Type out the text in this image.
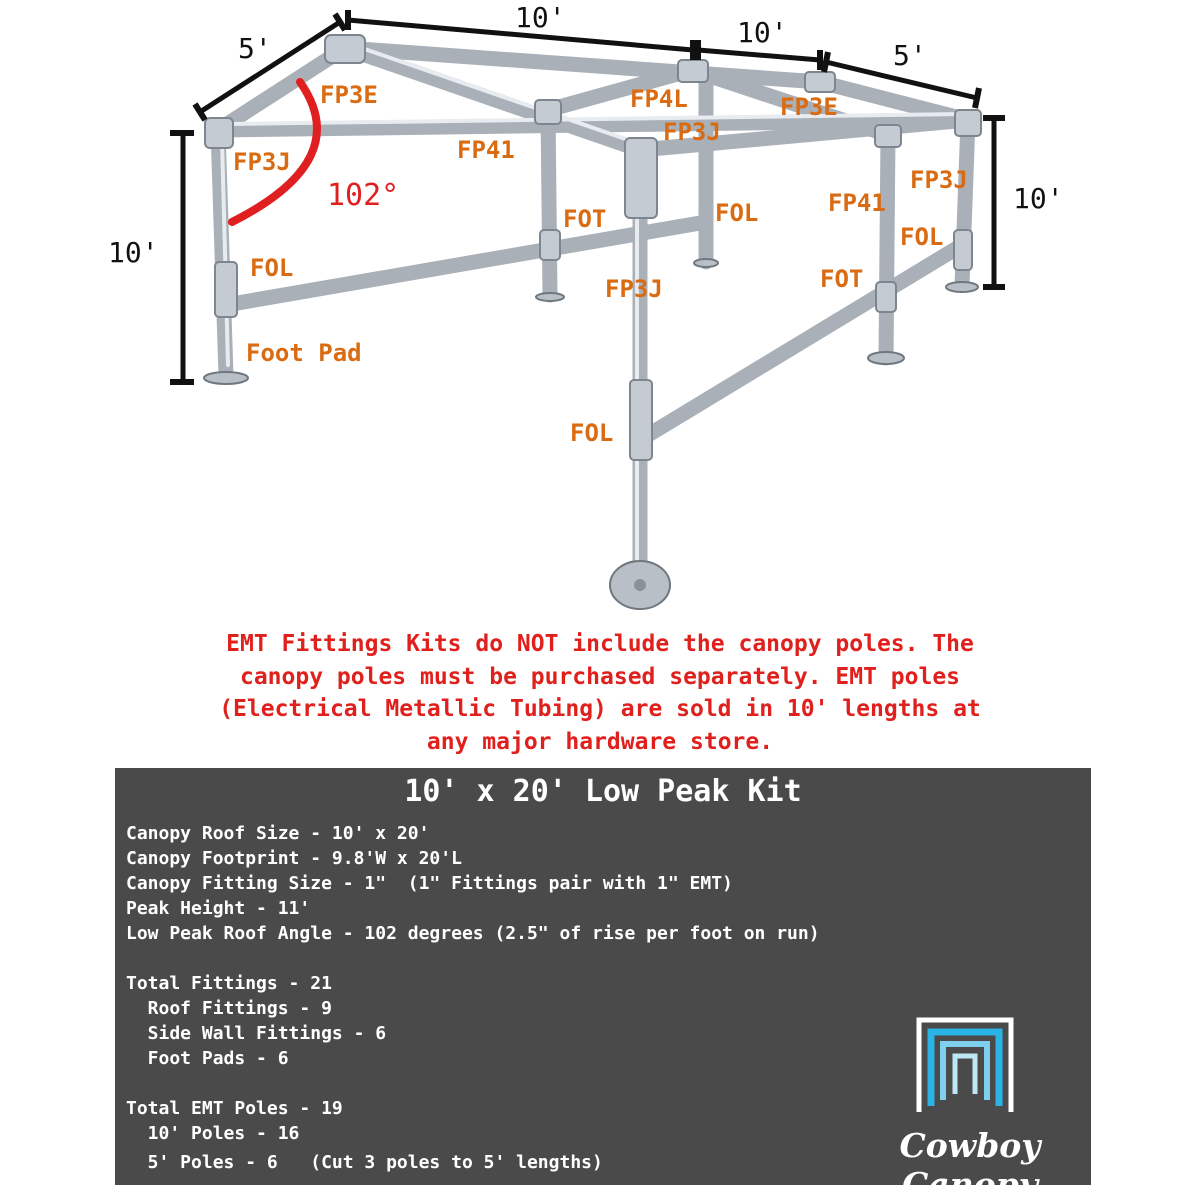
5'
10'	10'
5'
10'
10'
102°
FP3E
FP3J	FP41
FP4L
FP3J
FP3E
FP3J
FP41
FOT	FOL
FOL
FP3J
FOL
FOT
Foot Pad
FOL
EMT Fittings Kits do NOT include the canopy poles. The
canopy poles must be purchased separately. EMT poles
(Electrical Metallic Tubing) are sold in 10' lengths at
any major hardware store.
10' x 20' Low Peak Kit
Canopy Roof Size - 10' x 20'
Canopy Footprint - 9.8'W x 20'L
Canopy Fitting Size - 1"  (1" Fittings pair with 1" EMT)
Peak Height - 11'
Low Peak Roof Angle - 102 degrees (2.5" of rise per foot on run)
Total Fittings - 21
Roof Fittings - 9
Side Wall Fittings - 6
Foot Pads - 6
Total EMT Poles - 19
10' Poles - 16
5' Poles - 6   (Cut 3 poles to 5' lengths)	Cowboy Canopy
